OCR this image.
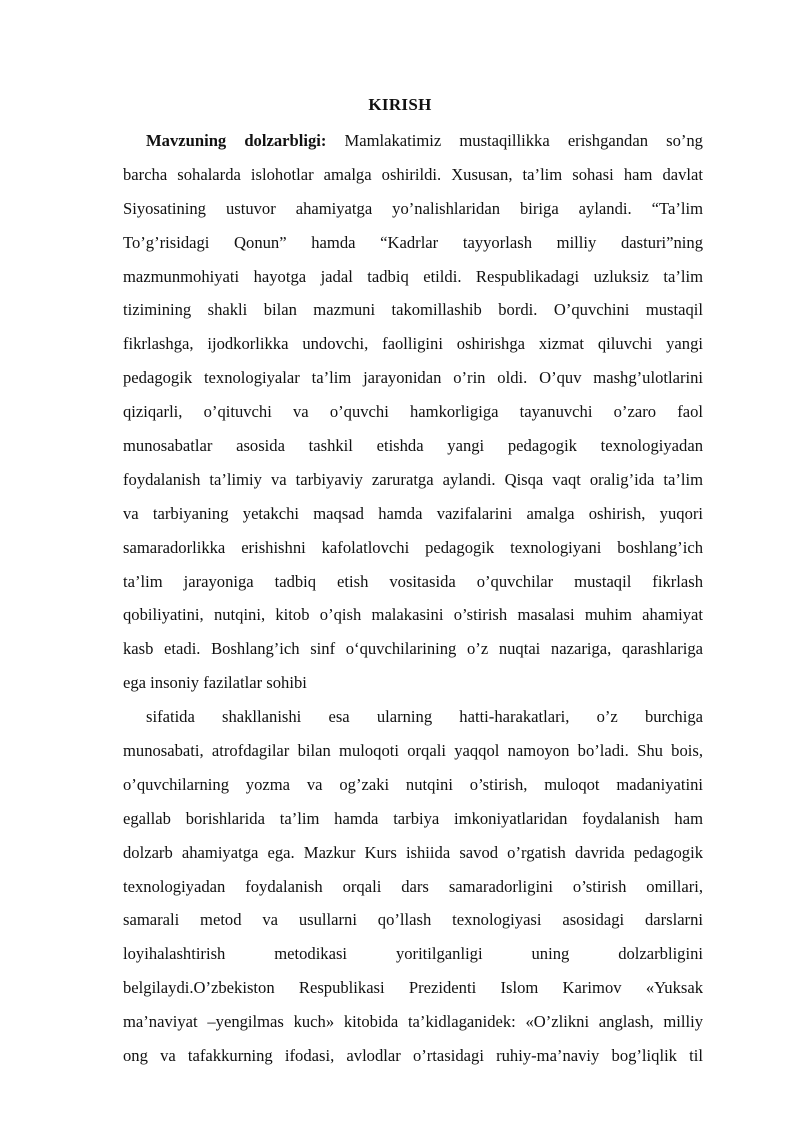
KIRISH
Mavzuning dolzarbligi: Mamlakatimiz mustaqillikka erishgandan so’ng
barcha sohalarda islohotlar amalga oshirildi. Xususan, ta’lim sohasi ham davlat
Siyosatining ustuvor ahamiyatga yo’nalishlaridan biriga aylandi. “Ta’lim
To’g’risidagi Qonun” hamda “Kadrlar tayyorlash milliy dasturi”ning
mazmunmohiyati hayotga jadal tadbiq etildi. Respublikadagi uzluksiz ta’lim
tizimining shakli bilan mazmuni takomillashib bordi. O’quvchini mustaqil
fikrlashga, ijodkorlikka undovchi, faolligini oshirishga xizmat qiluvchi yangi
pedagogik texnologiyalar ta’lim jarayonidan o’rin oldi. O’quv mashg’ulotlarini
qiziqarli, o’qituvchi va o’quvchi hamkorligiga tayanuvchi o’zaro faol
munosabatlar asosida tashkil etishda yangi pedagogik texnologiyadan
foydalanish ta’limiy va tarbiyaviy zaruratga aylandi. Qisqa vaqt oralig’ida ta’lim
va tarbiyaning yetakchi maqsad hamda vazifalarini amalga oshirish, yuqori
samaradorlikka erishishni kafolatlovchi pedagogik texnologiyani boshlang’ich
ta’lim jarayoniga tadbiq etish vositasida o’quvchilar mustaqil fikrlash
qobiliyatini, nutqini, kitob o’qish malakasini o’stirish masalasi muhim ahamiyat
kasb etadi. Boshlang’ich sinf o‘quvchilarining o’z nuqtai nazariga, qarashlariga
ega insoniy fazilatlar sohibi
sifatida shakllanishi esa ularning hatti-harakatlari, o’z burchiga
munosabati, atrofdagilar bilan muloqoti orqali yaqqol namoyon bo’ladi. Shu bois,
o’quvchilarning yozma va og’zaki nutqini o’stirish, muloqot madaniyatini
egallab borishlarida ta’lim hamda tarbiya imkoniyatlaridan foydalanish ham
dolzarb ahamiyatga ega. Mazkur Kurs ishiida savod o’rgatish davrida pedagogik
texnologiyadan foydalanish orqali dars samaradorligini o’stirish omillari,
samarali metod va usullarni qo’llash texnologiyasi asosidagi darslarni
loyihalashtirish metodikasi yoritilganligi uning dolzarbligini
belgilaydi.O’zbekiston Respublikasi Prezidenti Islom Karimov «Yuksak
ma’naviyat –yengilmas kuch» kitobida ta’kidlaganidek: «O’zlikni anglash, milliy
ong va tafakkurning ifodasi, avlodlar o’rtasidagi ruhiy-ma’naviy bog’liqlik til
